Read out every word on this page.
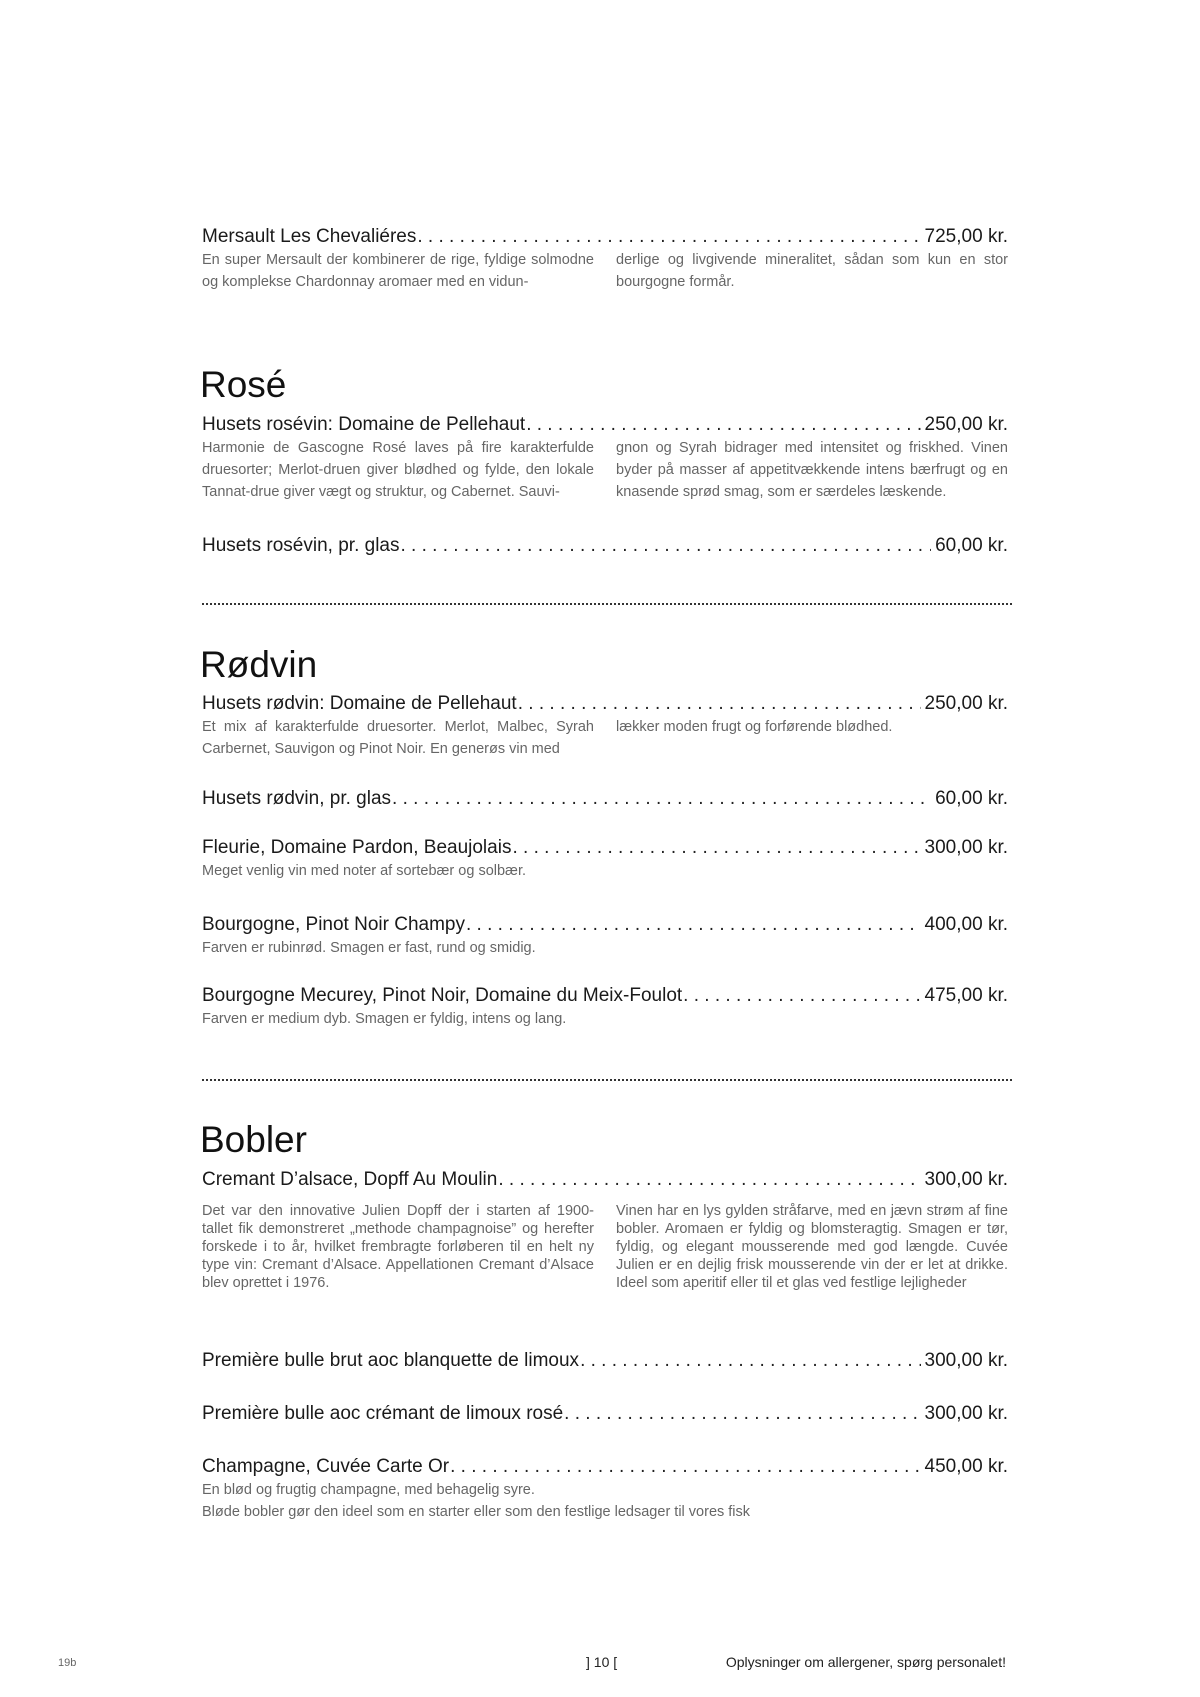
Mersault Les Chevaliéres . . .	725,00 kr.
En super Mersault der kombinerer de rige, fyldige solmodne og komplekse Chardonnay aromaer med en vidun-
derlige og livgivende mineralitet, sådan som kun en stor bourgogne formår.
Rosé
Husets rosévin: Domaine de Pellehaut . . .	250,00 kr.
Harmonie de Gascogne Rosé laves på fire karakterfulde druesorter; Merlot-druen giver blødhed og fylde, den lokale Tannat-drue giver vægt og struktur, og Cabernet. Sauvi-
gnon og Syrah bidrager med intensitet og friskhed. Vinen byder på masser af appetitvækkende intens bærfrugt og en knasende sprød smag, som er særdeles læskende.
Husets rosévin, pr. glas . . .	60,00 kr.
Rødvin
Husets rødvin: Domaine de Pellehaut . . .	250,00 kr.
Et mix af karakterfulde druesorter. Merlot, Malbec, Syrah Carbernet, Sauvigon og Pinot Noir. En generøs vin med
lækker moden frugt og forførende blødhed.
Husets rødvin, pr. glas . . .	60,00 kr.
Fleurie, Domaine Pardon, Beaujolais . . .	300,00 kr.
Meget venlig vin med noter af sortebær og solbær.
Bourgogne, Pinot Noir Champy . . .	400,00 kr.
Farven er rubinrød. Smagen er fast, rund og smidig.
Bourgogne Mecurey, Pinot Noir, Domaine du Meix-Foulot . . .	475,00 kr.
Farven er medium dyb. Smagen er fyldig, intens og lang.
Bobler
Cremant D’alsace, Dopff Au Moulin . . .	300,00 kr.
Det var den innovative Julien Dopff der i starten af 1900-tallet fik demonstreret „methode champagnoise” og herefter forskede i to år, hvilket frembragte forløberen til en helt ny type vin: Cremant d’Alsace. Appellationen Cremant d’Alsace blev oprettet i 1976.
Vinen har en lys gylden stråfarve, med en jævn strøm af fine bobler. Aromaen er fyldig og blomsteragtig. Smagen er tør, fyldig, og elegant mousserende med god længde. Cuvée Julien er en dejlig frisk mousserende vin der er let at drikke. Ideel som aperitif eller til et glas ved festlige lejligheder
Première bulle brut aoc blanquette de limoux . . .	300,00 kr.
Première bulle aoc crémant de limoux rosé . . .	300,00 kr.
Champagne, Cuvée Carte Or . . .	450,00 kr.
En blød og frugtig champagne, med behagelig syre.
Bløde bobler gør den ideel som en starter eller som den festlige ledsager til vores fisk
19b	] 10 [	Oplysninger om allergener, spørg personalet!
